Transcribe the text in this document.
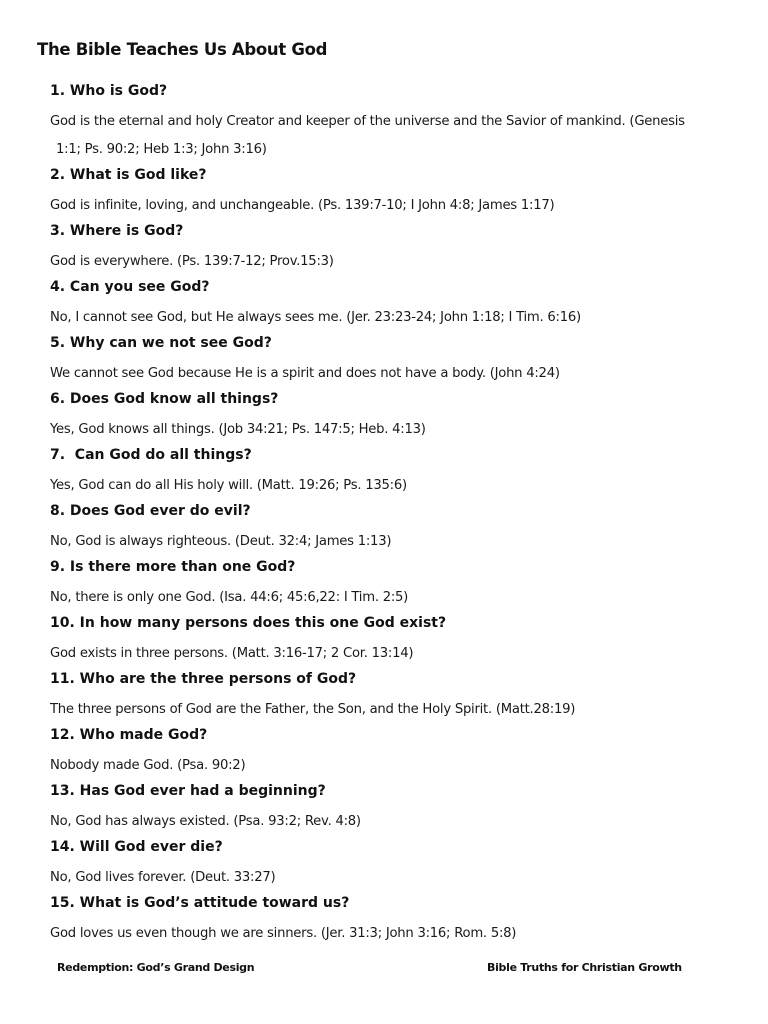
The Bible Teaches Us About God
1. Who is God?
God is the eternal and holy Creator and keeper of the universe and the Savior of mankind. (Genesis
1:1; Ps. 90:2; Heb 1:3; John 3:16)
2. What is God like?
God is infinite, loving, and unchangeable. (Ps. 139:7-10; I John 4:8; James 1:17)
3. Where is God?
God is everywhere. (Ps. 139:7-12; Prov.15:3)
4. Can you see God?
No, I cannot see God, but He always sees me. (Jer. 23:23-24; John 1:18; I Tim. 6:16)
5. Why can we not see God?
We cannot see God because He is a spirit and does not have a body. (John 4:24)
6. Does God know all things?
Yes, God knows all things. (Job 34:21; Ps. 147:5; Heb. 4:13)
7.  Can God do all things?
Yes, God can do all His holy will. (Matt. 19:26; Ps. 135:6)
8. Does God ever do evil?
No, God is always righteous. (Deut. 32:4; James 1:13)
9. Is there more than one God?
No, there is only one God. (Isa. 44:6; 45:6,22: I Tim. 2:5)
10. In how many persons does this one God exist?
God exists in three persons. (Matt. 3:16-17; 2 Cor. 13:14)
11. Who are the three persons of God?
The three persons of God are the Father, the Son, and the Holy Spirit. (Matt.28:19)
12. Who made God?
Nobody made God. (Psa. 90:2)
13. Has God ever had a beginning?
No, God has always existed. (Psa. 93:2; Rev. 4:8)
14. Will God ever die?
No, God lives forever. (Deut. 33:27)
15. What is God’s attitude toward us?
God loves us even though we are sinners. (Jer. 31:3; John 3:16; Rom. 5:8)
Redemption: God’s Grand Design	Bible Truths for Christian Growth
